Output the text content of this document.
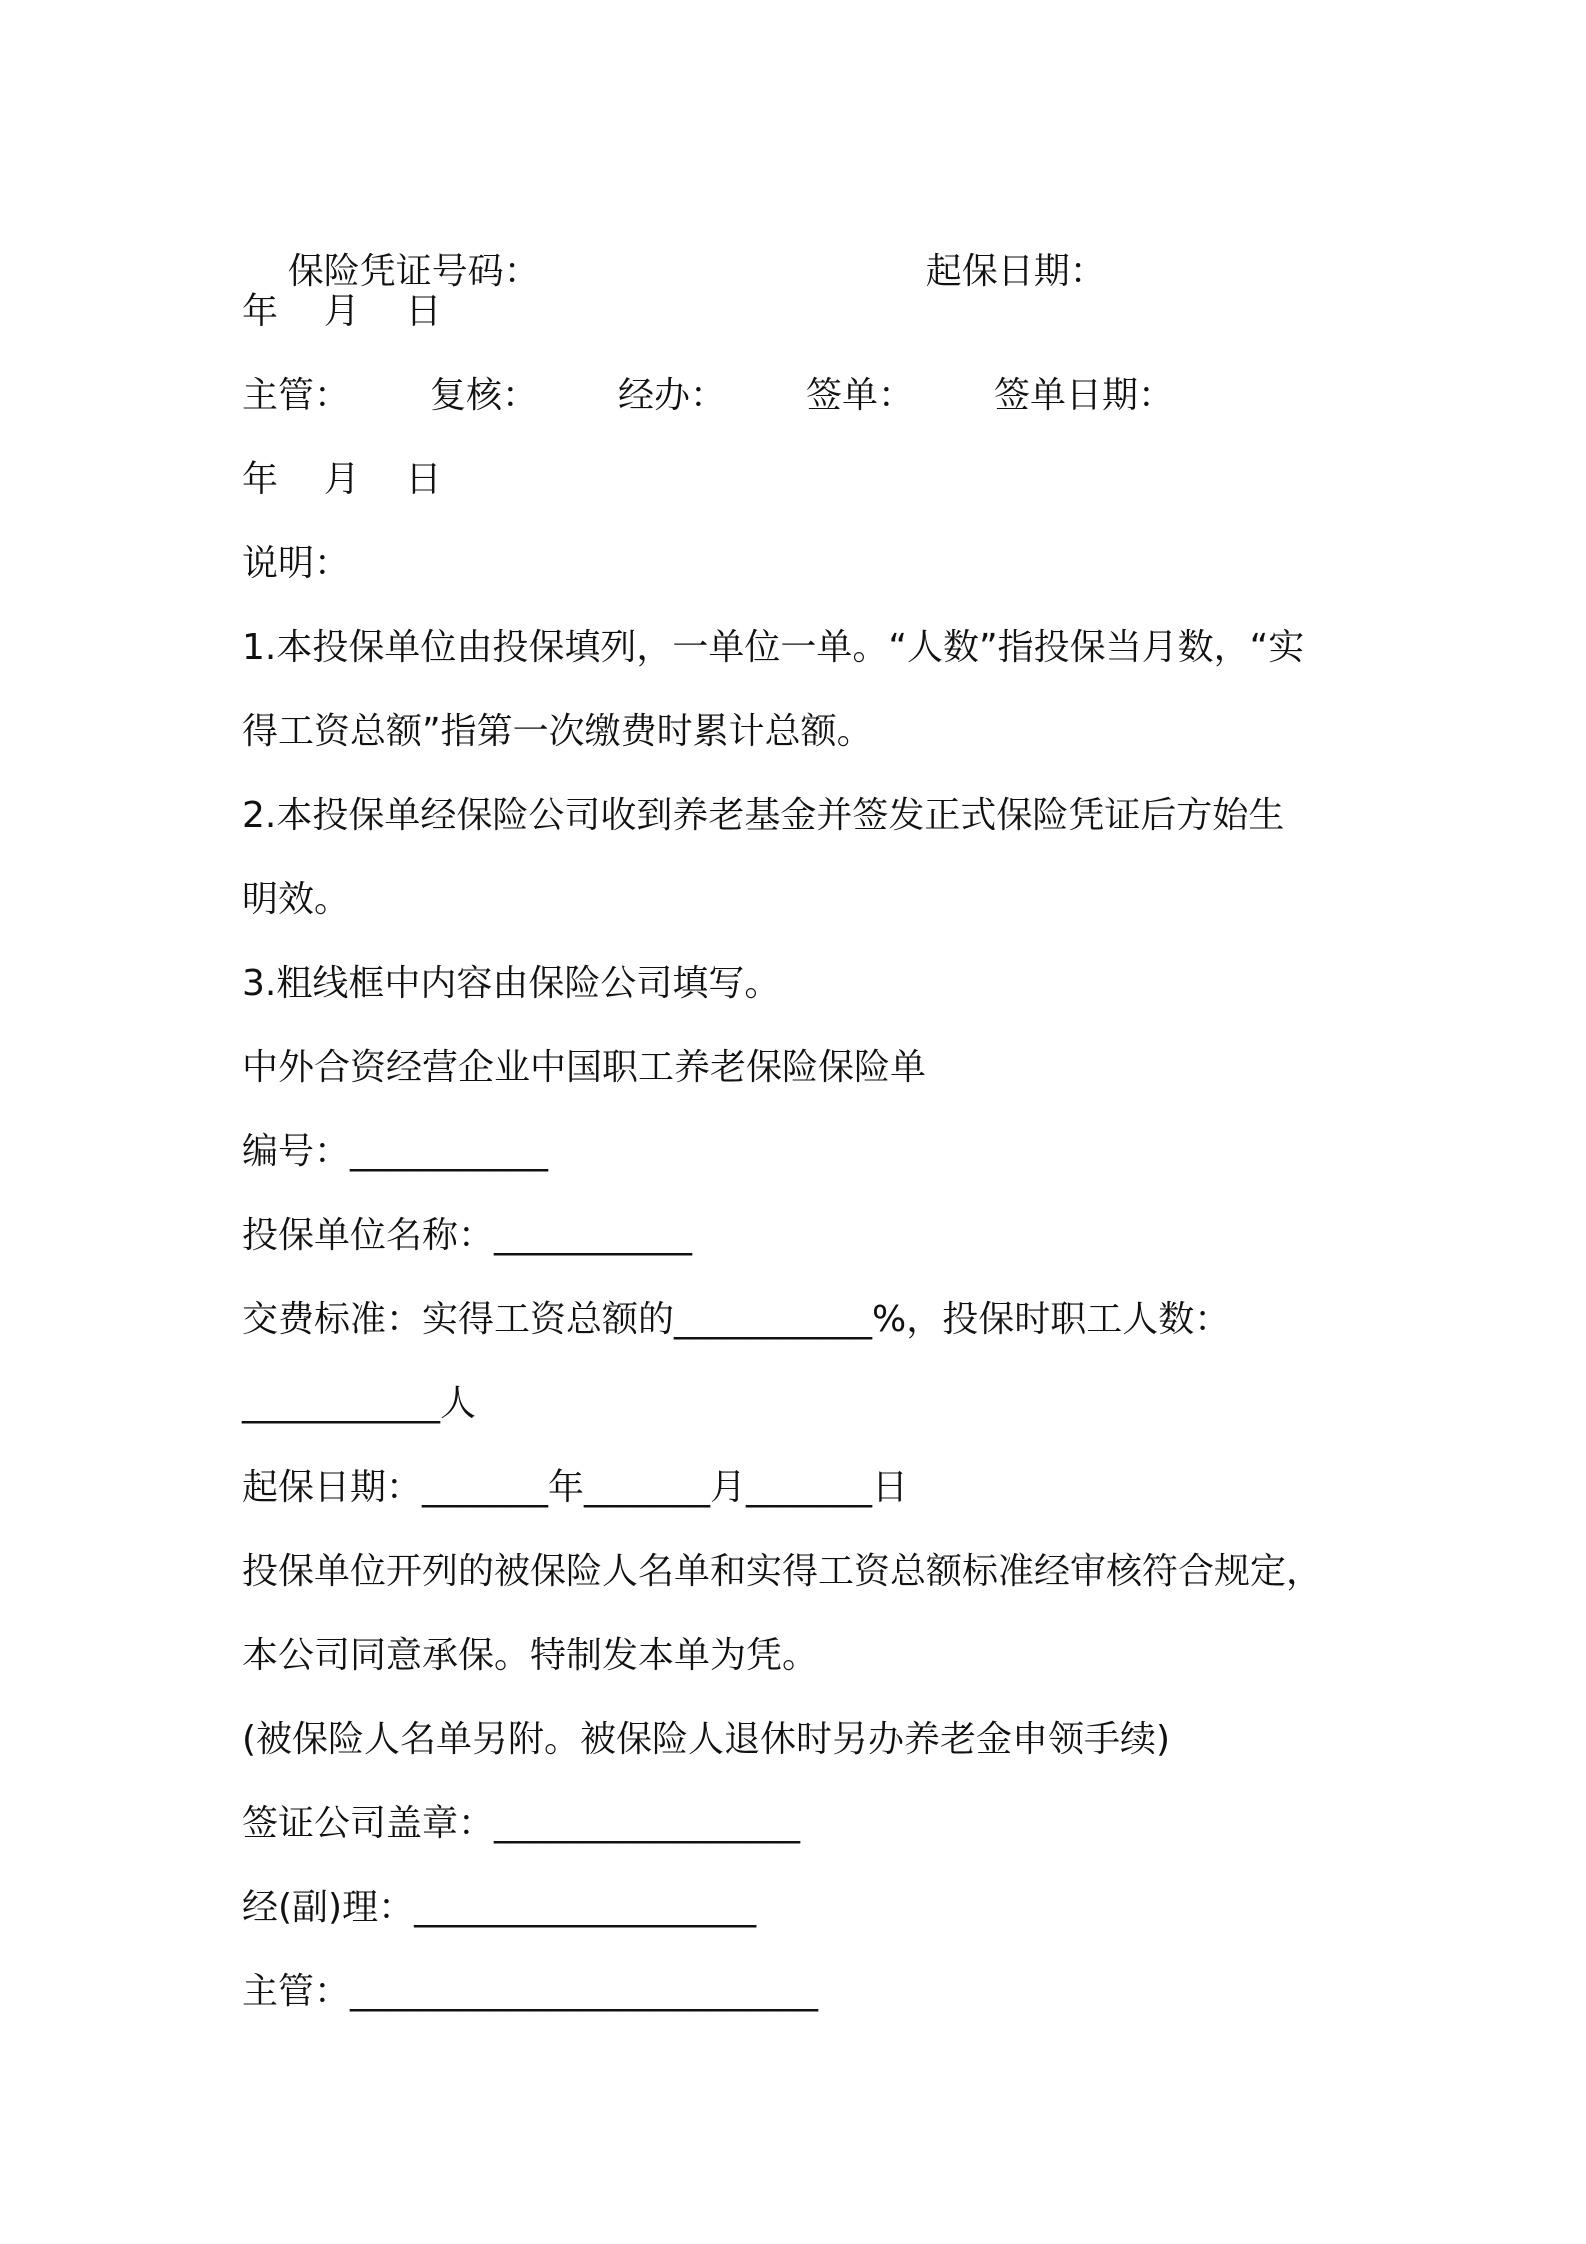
保险凭证号码：
	起保日期：

年    月    日
主管： 复核： 经办： 签单： 签单日期：
年    月    日
说明：
1.本投保单位由投保填列，一单位一单。“人数”指投保当月数，“实
得工资总额”指第一次缴费时累计总额。
2.本投保单经保险公司收到养老基金并签发正式保险凭证后方始生
明效。
3.粗线框中内容由保险公司填写。
中外合资经营企业中国职工养老保险保险单
编号：___________
投保单位名称：___________
交费标准：实得工资总额的___________%，投保时职工人数：
___________人
起保日期：_______年_______月_______日
投保单位开列的被保险人名单和实得工资总额标准经审核符合规定，
本公司同意承保。特制发本单为凭。
(被保险人名单另附。被保险人退休时另办养老金申领手续)
签证公司盖章：_________________
经(副)理：___________________
主管：__________________________
